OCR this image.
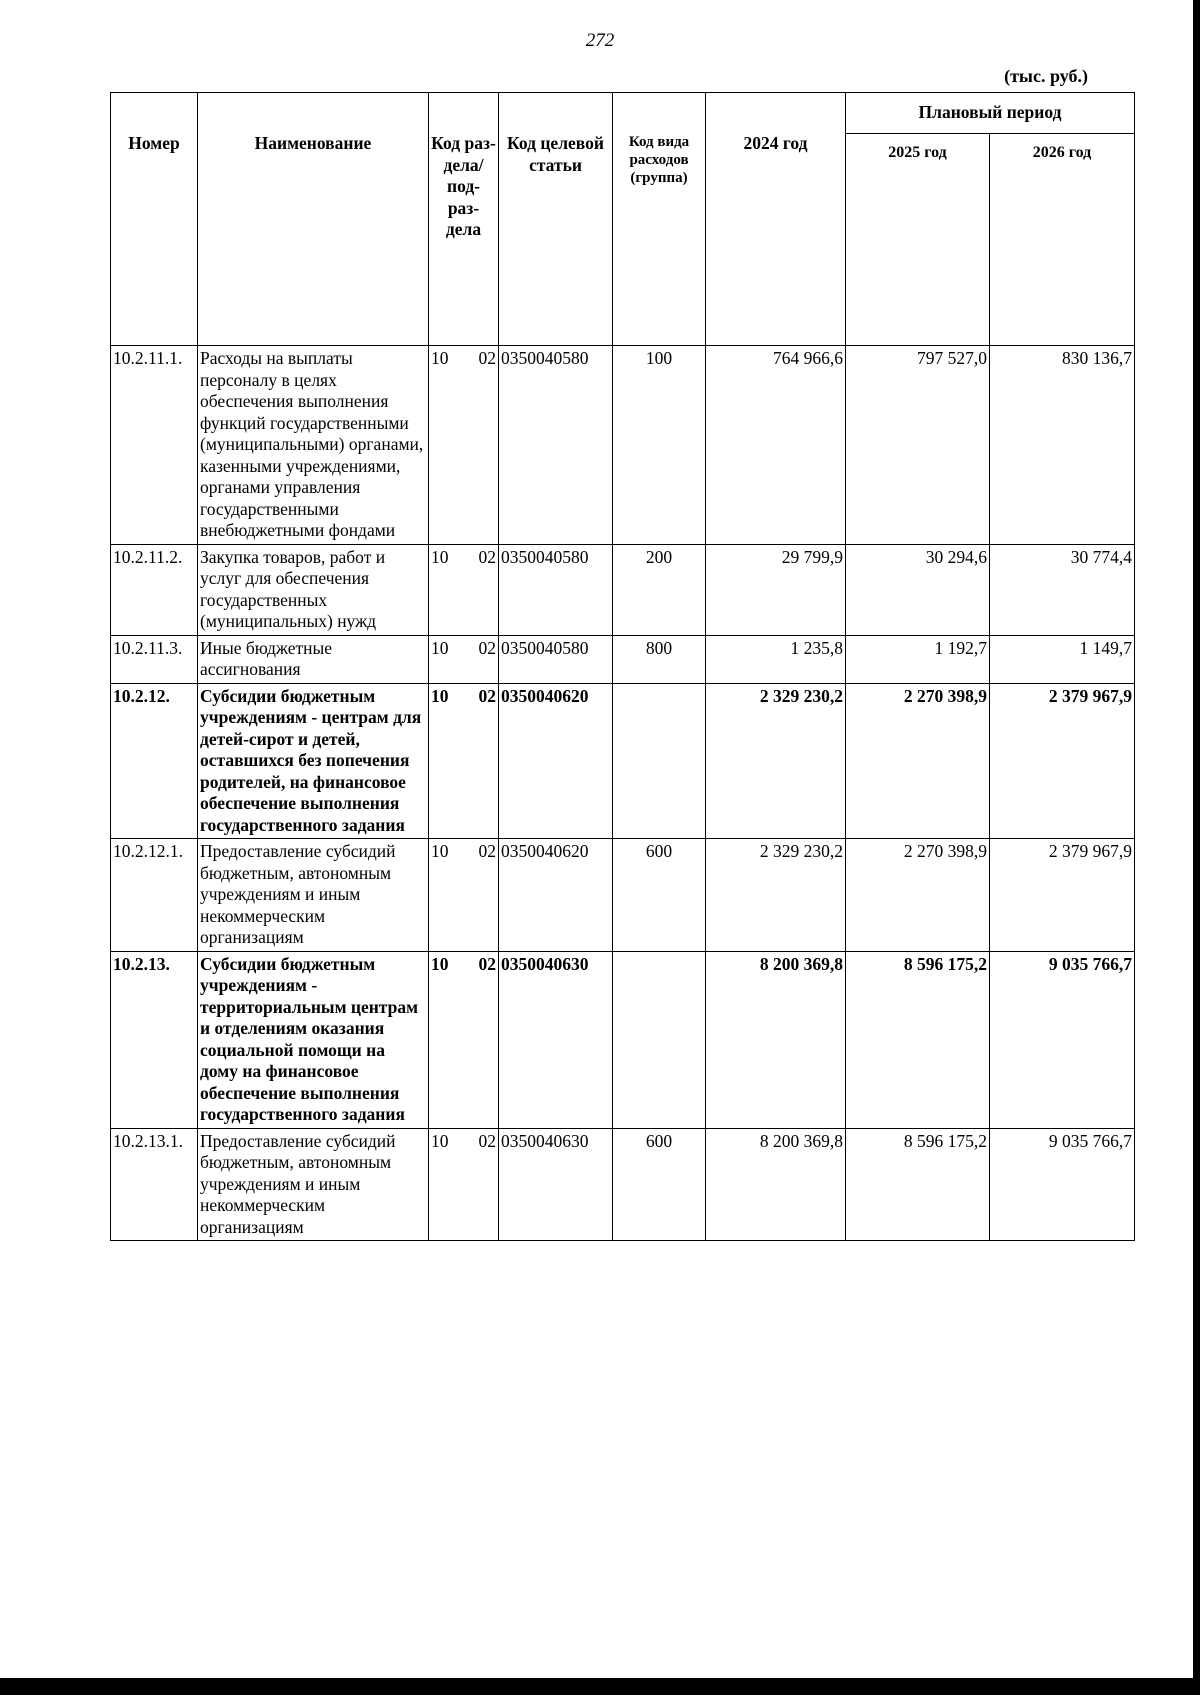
272
(тыс. руб.)
Номер	Наименование	Код раз- дела/ под- раз- дела	Код целевой статьи	Код вида расходов (группа)	2024 год	Плановый период	
						2025 год	2026 год
10.2.11.1.	Расходы на выплаты персоналу в целях обеспечения выполнения функций государственными (муниципальными) органами, казенными учреждениями, органами управления государственными внебюджетными фондами	10 02	0350040580	100	764 966,6	797 527,0	830 136,7
10.2.11.2.	Закупка товаров, работ и услуг для обеспечения государственных (муниципальных) нужд	10 02	0350040580	200	29 799,9	30 294,6	30 774,4
10.2.11.3.	Иные бюджетные ассигнования	10 02	0350040580	800	1 235,8	1 192,7	1 149,7
10.2.12.	Субсидии бюджетным учреждениям - центрам для детей-сирот и детей, оставшихся без попечения родителей, на финансовое обеспечение выполнения государственного задания	10 02	0350040620		2 329 230,2	2 270 398,9	2 379 967,9
10.2.12.1.	Предоставление субсидий бюджетным, автономным учреждениям и иным некоммерческим организациям	10 02	0350040620	600	2 329 230,2	2 270 398,9	2 379 967,9
10.2.13.	Субсидии бюджетным учреждениям - территориальным центрам и отделениям оказания социальной помощи на дому на финансовое обеспечение выполнения государственного задания	10 02	0350040630		8 200 369,8	8 596 175,2	9 035 766,7
10.2.13.1.	Предоставление субсидий бюджетным, автономным учреждениям и иным некоммерческим организациям	10 02	0350040630	600	8 200 369,8	8 596 175,2	9 035 766,7
